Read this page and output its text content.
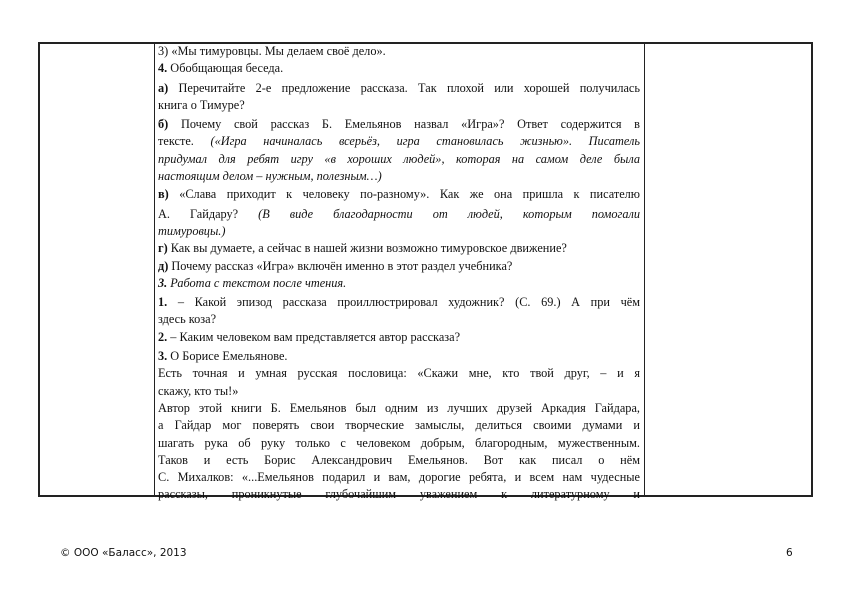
3) «Мы тимуровцы. Мы делаем своё дело».

4. Обобщающая беседа.

а) Перечитайте 2-е предложение рассказа. Так плохой или хорошей получилась

книга о Тимуре?

б) Почему свой рассказ Б. Емельянов назвал «Игра»? Ответ содержится в

тексте. («Игра начиналась всерьёз, игра становилась жизнью». Писатель

придумал для ребят игру «в хороших людей», которая на самом деле была

настоящим делом – нужным, полезным…)

в) «Слава приходит к человеку по-разному». Как же она пришла к писателю

А. Гайдару? (В виде благодарности от людей, которым помогали

тимуровцы.)

г) Как вы думаете, а сейчас в нашей жизни возможно тимуровское движение?

д) Почему рассказ «Игра» включён именно в этот раздел учебника?

3. Работа с текстом после чтения.

1. – Какой эпизод рассказа проиллюстрировал художник? (С. 69.) А при чём

здесь коза?

2. – Каким человеком вам представляется автор рассказа?

3. О Борисе Емельянове.

Есть точная и умная русская пословица: «Скажи мне, кто твой друг, – и я

скажу, кто ты!»

Автор этой книги Б. Емельянов был одним из лучших друзей Аркадия Гайдара,

а Гайдар мог поверять свои творческие замыслы, делиться своими думами и

шагать рука об руку только с человеком добрым, благородным, мужественным.

Таков и есть Борис Александрович Емельянов. Вот как писал о нём

С. Михалков: «...Емельянов подарил и вам, дорогие ребята, и всем нам чудесные

рассказы, проникнутые глубочайшим уважением к литературному и

© ООО «Баласс», 2013	6
